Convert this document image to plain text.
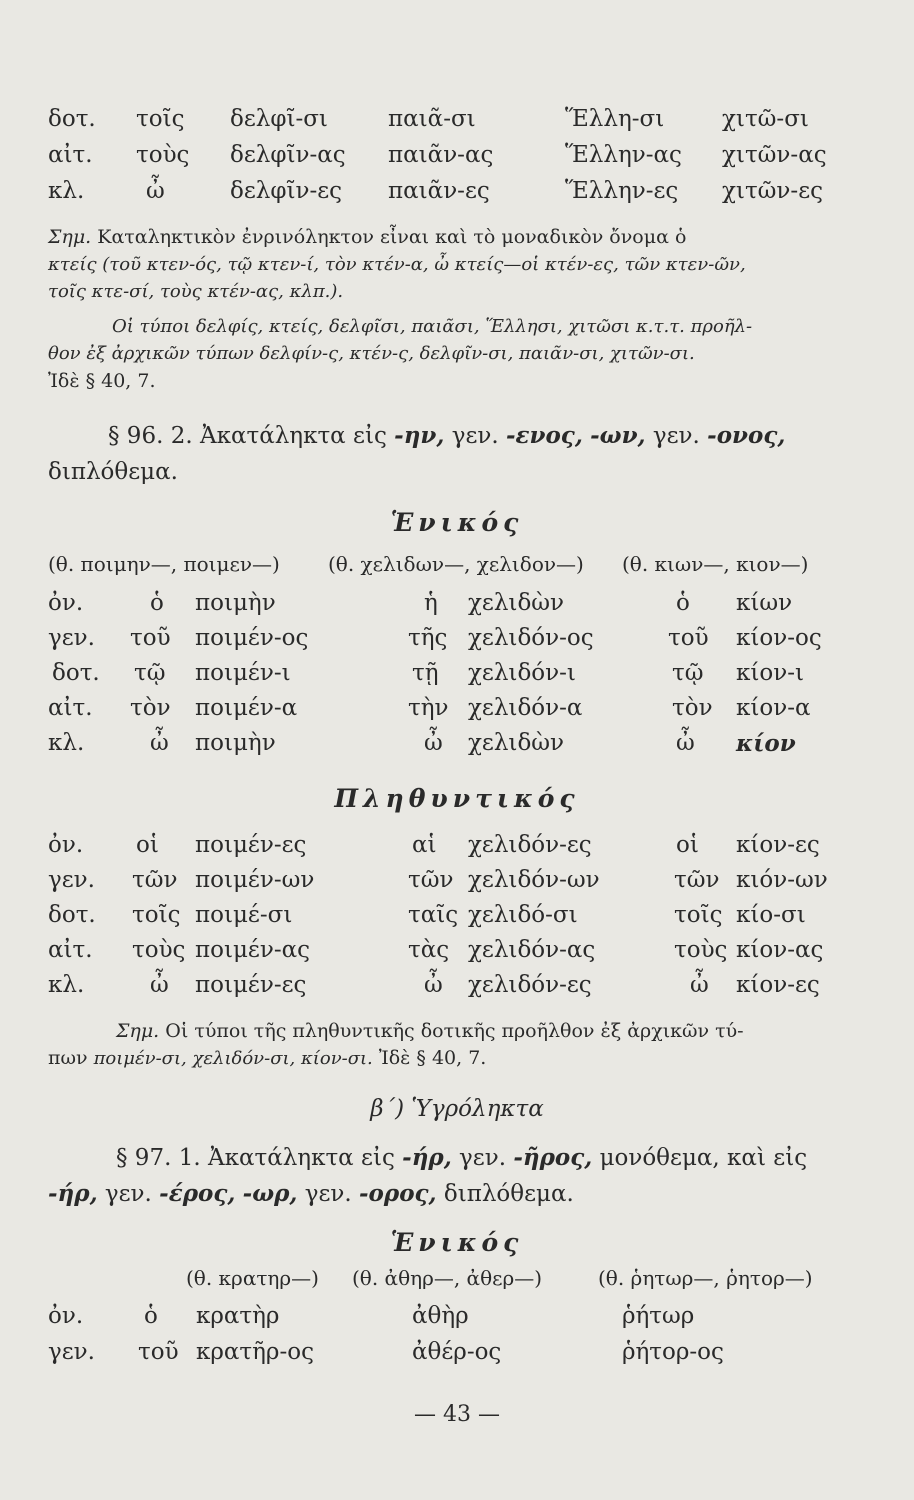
δοτ. τοῖς δελφῖ-σι	παιᾶ-σι	Ἕλλη-σι	χιτῶ-σι
αἰτ. τοὺς δελφῖν-ας παιᾶν-ας	Ἕλλην-ας χιτῶν-ας
κλ.	ὦ	δελφῖν-ες παιᾶν-ες	Ἕλλην-ες χιτῶν-ες
Σημ. Καταληκτικὸν ἐνρινόληκτον εἶναι καὶ τὸ μοναδικὸν ὄνομα ὁ
κτείς (τοῦ κτεν-ός, τῷ κτεν-ί, τὸν κτέν-α, ὦ κτείς—οἱ κτέν-ες, τῶν κτεν-ῶν,
τοῖς κτε-σί, τοὺς κτέν-ας, κλπ.).
Οἱ τύποι δελφίς, κτείς, δελφῖσι, παιᾶσι, Ἕλλησι, χιτῶσι κ.τ.τ. προῆλ-
θον ἐξ ἀρχικῶν τύπων δελφίν-ς, κτέν-ς, δελφῖν-σι, παιᾶν-σι, χιτῶν-σι.
Ἰδὲ § 40, 7.
§ 96. 2. Ἀκατάληκτα εἰς -ην, γεν. -ενος, -ων, γεν. -ονος,
διπλόθεμα.
Ἑνικός
(θ. ποιμην—, ποιμεν—) (θ. χελιδων—, χελιδον—) (θ. κιων—, κιον—)
ὀν.	ὁ ποιμὴν	ἡ χελιδὼν	ὁ κίων
γεν. τοῦ ποιμέν-ος	τῆς χελιδόν-ος	τοῦ κίον-ος
δοτ. τῷ ποιμέν-ι	τῇ χελιδόν-ι	τῷ κίον-ι
αἰτ. τὸν ποιμέν-α	τὴν χελιδόν-α	τὸν κίον-α
κλ.	ὦ ποιμὴν	ὦ χελιδὼν	ὦ κίον
Πληθυντικός
ὀν. οἱ ποιμέν-ες	αἱ χελιδόν-ες	οἱ κίον-ες
γεν. τῶν ποιμέν-ων	τῶν χελιδόν-ων	τῶν κιόν-ων
δοτ. τοῖς ποιμέ-σι	ταῖς χελιδό-σι	τοῖς κίο-σι
αἰτ. τοὺς ποιμέν-ας	τὰς χελιδόν-ας	τοὺς κίον-ας
κλ.	ὦ ποιμέν-ες	ὦ χελιδόν-ες	ὦ κίον-ες
Σημ. Οἱ τύποι τῆς πληθυντικῆς δοτικῆς προῆλθον ἐξ ἀρχικῶν τύ-
πων ποιμέν-σι, χελιδόν-σι, κίον-σι. Ἰδὲ § 40, 7.
β΄) Ὑγρόληκτα
§ 97. 1. Ἀκατάληκτα εἰς -ήρ, γεν. -ῆρος, μονόθεμα, καὶ εἰς
-ήρ, γεν. -έρος, -ωρ, γεν. -ορος, διπλόθεμα.
Ἑνικός
(θ. κρατηρ—) (θ. ἀθηρ—, ἀθερ—)	(θ. ῥητωρ—, ῥητορ—)
ὀν.	ὁ κρατὴρ	ἀθὴρ	ῥήτωρ
γεν. τοῦ κρατῆρ-ος	ἀθέρ-ος	ῥήτορ-ος
— 43 —
